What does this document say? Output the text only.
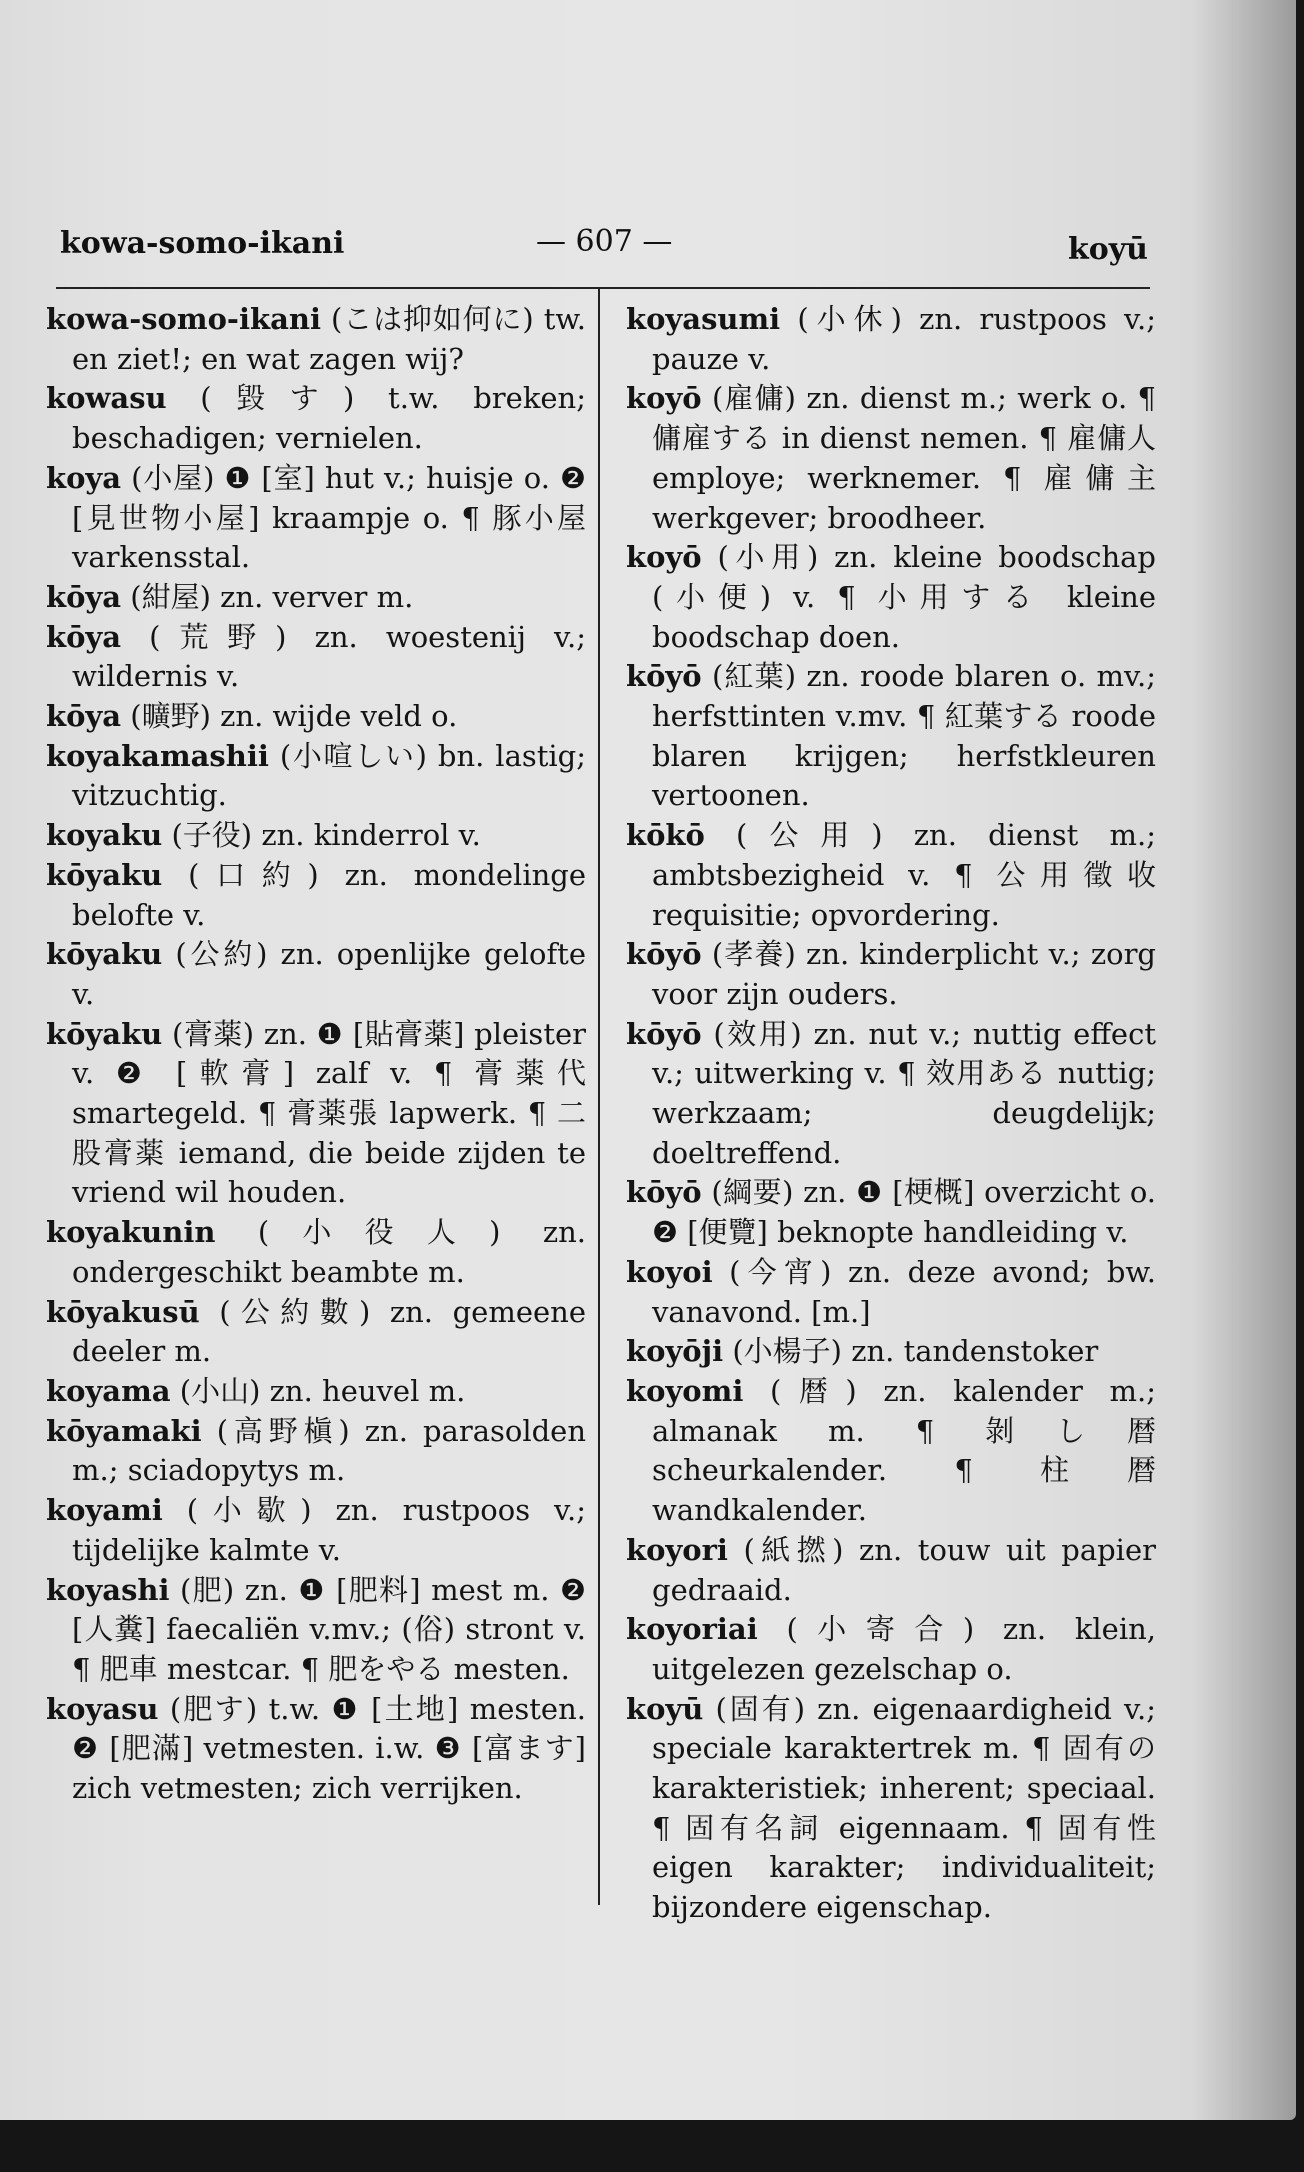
kowa-somo-ikani	— 607 —	koyū

kowa-somo-ikani (こは抑如何に) tw. en ziet!; en wat zagen wij?

kowasu (毀す) t.w. breken; beschadigen; vernielen.

koya (小屋) ❶ [室] hut v.; huisje o. ❷ [見世物小屋] kraampje o. ¶ 豚小屋 varkensstal.

kōya (紺屋) zn. verver m.

kōya (荒野) zn. woestenij v.; wildernis v.

kōya (曠野) zn. wijde veld o.

koyakamashii (小喧しい) bn. lastig; vitzuchtig.

koyaku (子役) zn. kinderrol v.

kōyaku (口約) zn. mondelinge belofte v.

kōyaku (公約) zn. openlijke gelofte v.

kōyaku (膏薬) zn. ❶ [貼膏薬] pleister v. ❷ [軟膏] zalf v. ¶ 膏薬代 smartegeld. ¶ 膏薬張 lapwerk. ¶ 二股膏薬 iemand, die beide zijden te vriend wil houden.

koyakunin (小役人) zn. ondergeschikt beambte m.

kōyakusū (公約數) zn. gemeene deeler m.

koyama (小山) zn. heuvel m.

kōyamaki (高野槇) zn. parasolden m.; sciadopytys m.

koyami (小歇) zn. rustpoos v.; tijdelijke kalmte v.

koyashi (肥) zn. ❶ [肥料] mest m. ❷ [人糞] faecaliën v.mv.; (俗) stront v. ¶ 肥車 mestcar. ¶ 肥をやる mesten.

koyasu (肥す) t.w. ❶ [土地] mesten. ❷ [肥滿] vetmesten. i.w. ❸ [富ます] zich vetmesten; zich verrijken.

koyasumi (小休) zn. rustpoos v.; pauze v.

koyō (雇傭) zn. dienst m.; werk o. ¶ 傭雇する in dienst nemen. ¶ 雇傭人 employe; werknemer. ¶ 雇傭主 werkgever; broodheer.

koyō (小用) zn. kleine boodschap (小便) v. ¶ 小用する kleine boodschap doen.

kōyō (紅葉) zn. roode blaren o. mv.; herfsttinten v.mv. ¶ 紅葉する roode blaren krijgen; herfstkleuren vertoonen.

kōkō (公用) zn. dienst m.; ambtsbezigheid v. ¶ 公用徵收 requisitie; opvordering.

kōyō (孝養) zn. kinderplicht v.; zorg voor zijn ouders.

kōyō (效用) zn. nut v.; nuttig effect v.; uitwerking v. ¶ 效用ある nuttig; werkzaam; deugdelijk; doeltreffend.

kōyō (綱要) zn. ❶ [梗概] overzicht o. ❷ [便覽] beknopte handleiding v.

koyoi (今宵) zn. deze avond; bw. vanavond. [m.]

koyōji (小楊子) zn. tandenstoker

koyomi (暦) zn. kalender m.; almanak m. ¶ 剝し暦 scheurkalender. ¶ 柱暦 wandkalender.

koyori (紙撚) zn. touw uit papier gedraaid.

koyoriai (小寄合) zn. klein, uitgelezen gezelschap o.

koyū (固有) zn. eigenaardigheid v.; speciale karaktertrek m. ¶ 固有の karakteristiek; inherent; speciaal. ¶ 固有名詞 eigennaam. ¶ 固有性 eigen karakter; individualiteit; bijzondere eigenschap.
